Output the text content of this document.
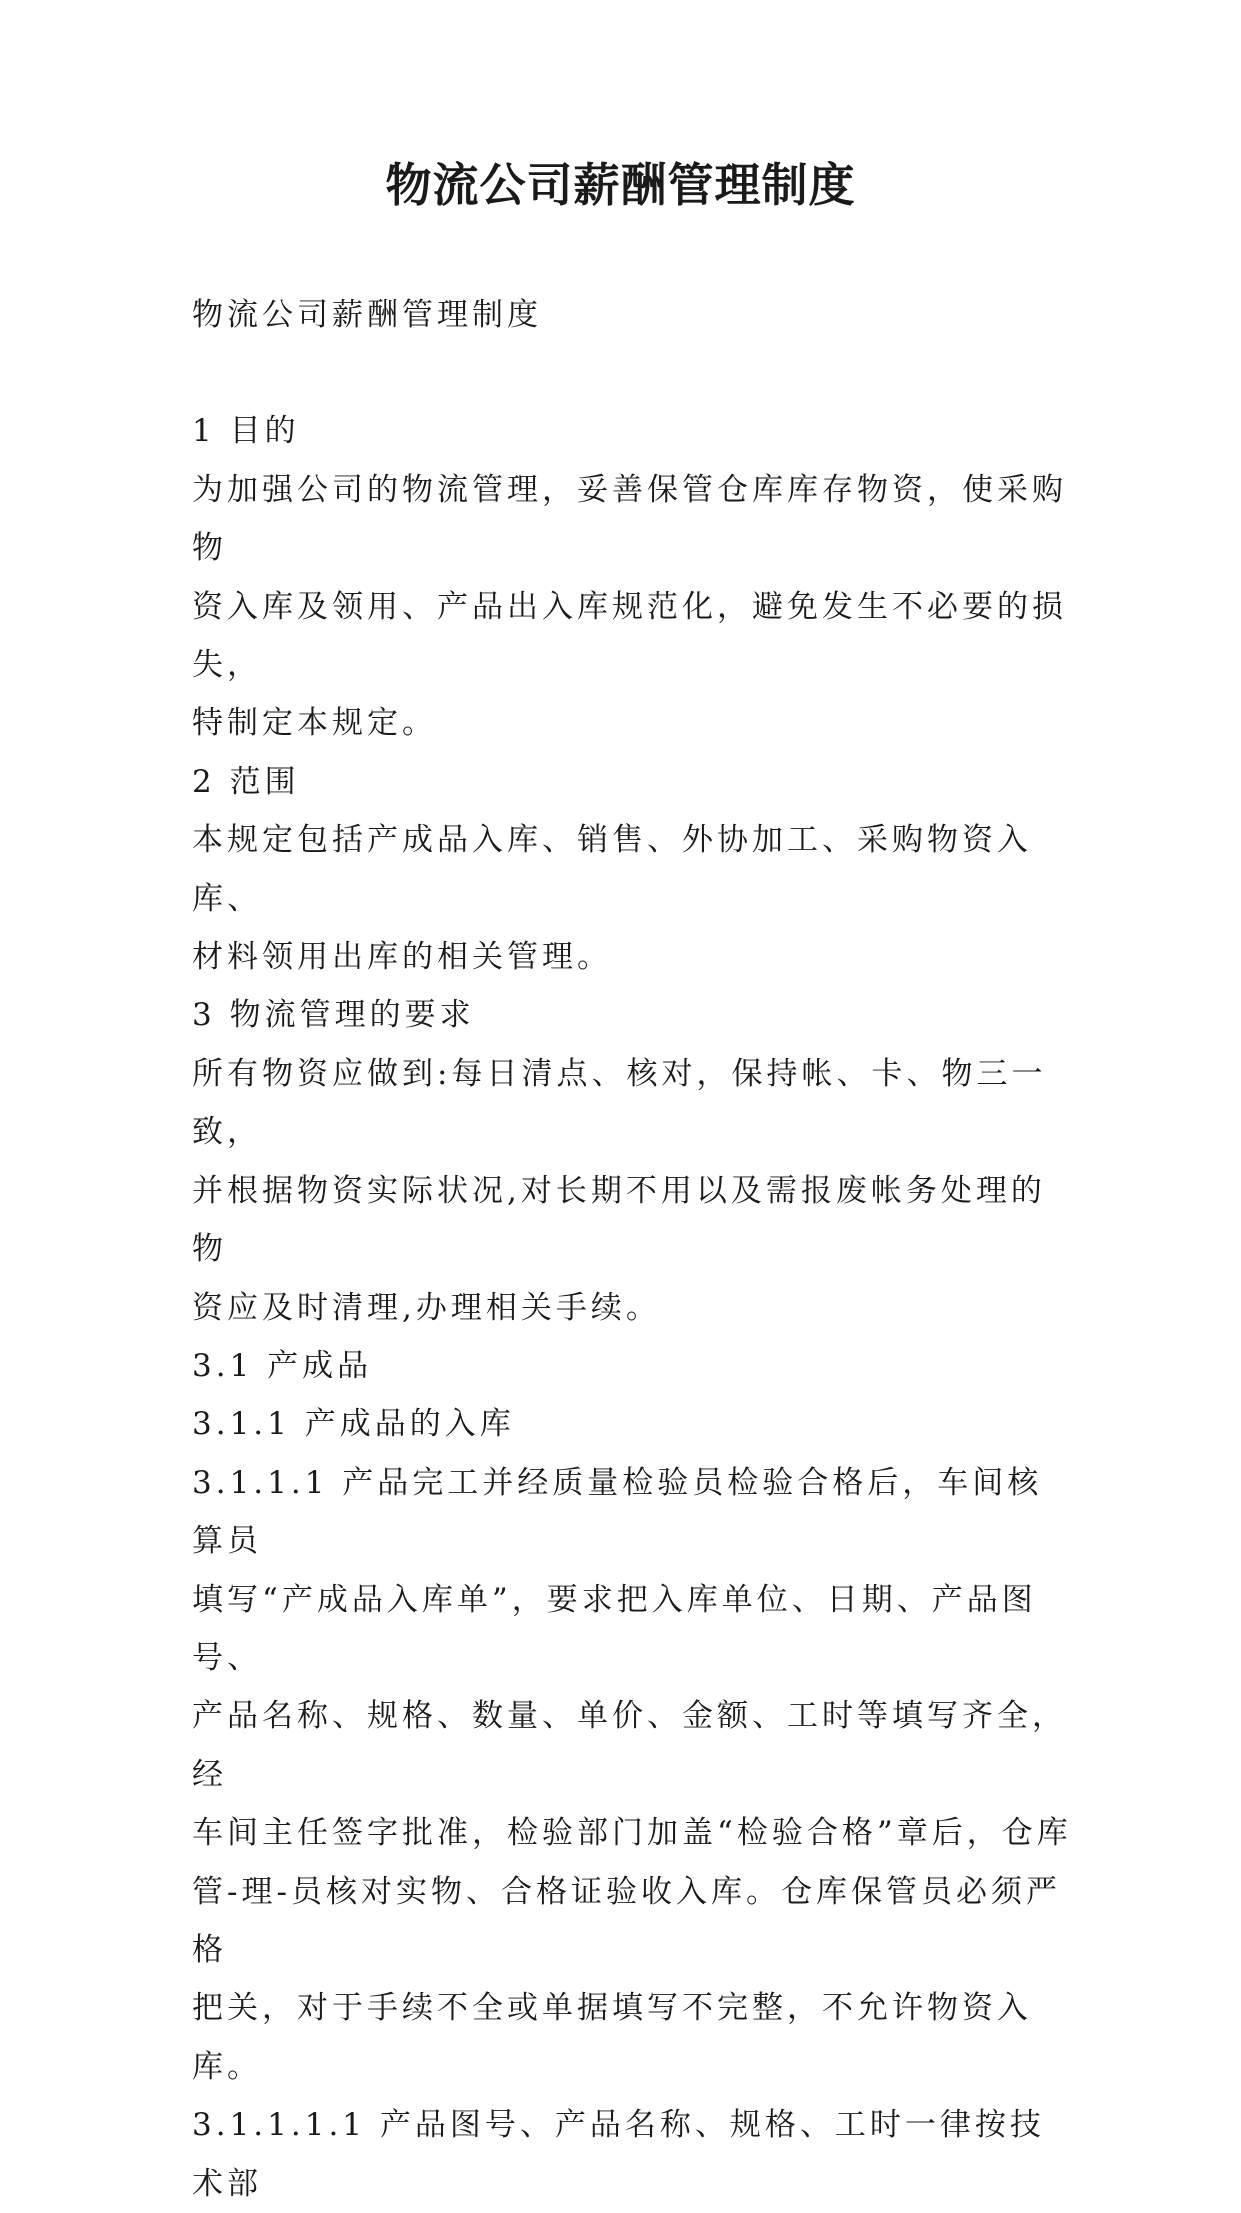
物流公司薪酬管理制度

物流公司薪酬管理制度

1 目的

为加强公司的物流管理，妥善保管仓库库存物资，使采购物

资入库及领用、产品出入库规范化，避免发生不必要的损失，

特制定本规定。

2 范围

本规定包括产成品入库、销售、外协加工、采购物资入库、

材料领用出库的相关管理。

3 物流管理的要求

所有物资应做到:每日清点、核对，保持帐、卡、物三一致，

并根据物资实际状况,对长期不用以及需报废帐务处理的物

资应及时清理,办理相关手续。

3.1 产成品

3.1.1 产成品的入库

3.1.1.1 产品完工并经质量检验员检验合格后，车间核算员

填写“产成品入库单”，要求把入库单位、日期、产品图号、

产品名称、规格、数量、单价、金额、工时等填写齐全，经

车间主任签字批准，检验部门加盖“检验合格”章后，仓库

管-理-员核对实物、合格证验收入库。仓库保管员必须严格

把关，对于手续不全或单据填写不完整，不允许物资入库。

3.1.1.1.1 产品图号、产品名称、规格、工时一律按技术部
